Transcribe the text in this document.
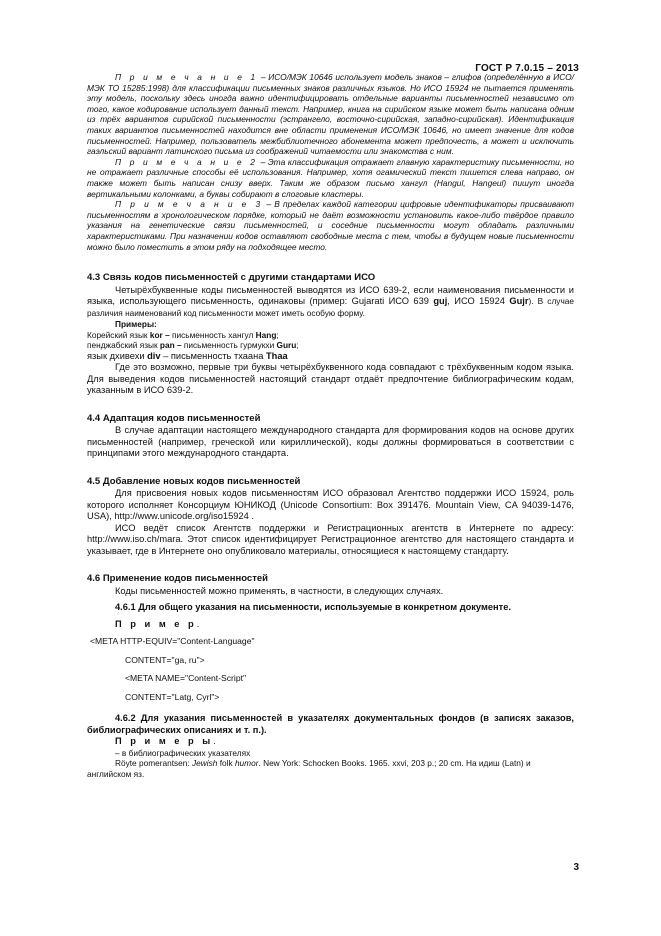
ГОСТ Р 7.0.15 – 2013

П р и м е ч а н и е 1 – ИСО/МЭК 10646 использует модель знаков – глифов (определённую в ИСО/МЭК ТО 15285:1998) для классификации письменных знаков различных языков. Но ИСО 15924 не пытается применять эту модель, поскольку здесь иногда важно идентифицировать отдельные варианты письменностей независимо от того, какое кодирование использует данный текст. Например, книга на сирийском языке может быть написана одним из трёх вариантов сирийской письменности (эстрангело, восточно-сирийская, западно-сирийская). Идентификация таких вариантов письменностей находится вне области применения ИСО/МЭК 10646, но имеет значение для кодов письменностей. Например, пользователь межбиблиотечного абонемента может предпочесть, а может и исключить гаэльский вариант латинского письма из соображений читаемости или знакомства с ним.

П р и м е ч а н и е 2 – Эта классификация отражает главную характеристику письменности, но не отражает различные способы её использования. Например, хотя огамический текст пишется слева направо, он также может быть написан снизу вверх. Таким же образом письмо хангул (Hangul, Hangeul) пишут иногда вертикальными колонками, а буквы собирают в слоговые кластеры.

П р и м е ч а н и е 3 – В пределах каждой категории цифровые идентификаторы присваивают письменностям в хронологическом порядке, который не даёт возможности установить какое-либо твёрдое правило указания на генетические связи письменностей, и соседние письменности могут обладать различными характеристиками. При назначении кодов оставляют свободные места с тем, чтобы в будущем новые письменности можно было поместить в этом ряду на подходящее место.

4.3 Связь кодов письменностей с другими стандартами ИСО

Четырёхбуквенные коды письменностей выводятся из ИСО 639-2, если наименования письменности и языка, использующего письменность, одинаковы (пример: Gujarati ИСО 639 guj, ИСО 15924 Gujr). В случае различия наименований код письменности может иметь особую форму.

Примеры:

Корейский язык kor – письменность хангул Hang;

пенджабский язык pan – письменность гурмукхи Guru;

язык дхивехи div – письменность тхаана Thaa

Где это возможно, первые три буквы четырёхбуквенного кода совпадают с трёхбуквенным кодом языка. Для выведения кодов письменностей настоящий стандарт отдаёт предпочтение библиографическим кодам, указанным в ИСО 639-2.

4.4 Адаптация кодов письменностей

В случае адаптации настоящего международного стандарта для формирования кодов на основе других письменностей (например, греческой или кириллической), коды должны формироваться в соответствии с принципами этого международного стандарта.

4.5 Добавление новых кодов письменностей

Для присвоения новых кодов письменностям ИСО образовал Агентство поддержки ИСО 15924, роль которого исполняет Консорциум ЮНИКОД (Unicode Consortium: Box 391476. Mountain View, CA 94039-1476, USA), http://www.unicode.org/iso15924 .

ИСО ведёт список Агентств поддержки и Регистрационных агентств в Интернете по адресу: http://www.iso.ch/mara. Этот список идентифицирует Регистрационное агентство для настоящего стандарта и указывает, где в Интернете оно опубликовало материалы, относящиеся к настоящему стандарту.

4.6 Применение кодов письменностей

Коды письменностей можно применять, в частности, в следующих случаях.

4.6.1 Для общего указания на письменности, используемые в конкретном документе.

П р и м е р.

<META HTTP-EQUIV="Content-Language"

CONTENT="ga, ru">

<META NAME="Content-Script"

CONTENT="Latg, Cyrl">

4.6.2 Для указания письменностей в указателях документальных фондов (в записях заказов, библиографических описаниях и т. п.).

П р и м е р ы.

– в библиографических указателях

Röyte pomerantsen: Jewish folk humor. New York: Schocken Books. 1965. xxvi, 203 p.; 20 cm. На идиш (Latn) и английском яз.

3
